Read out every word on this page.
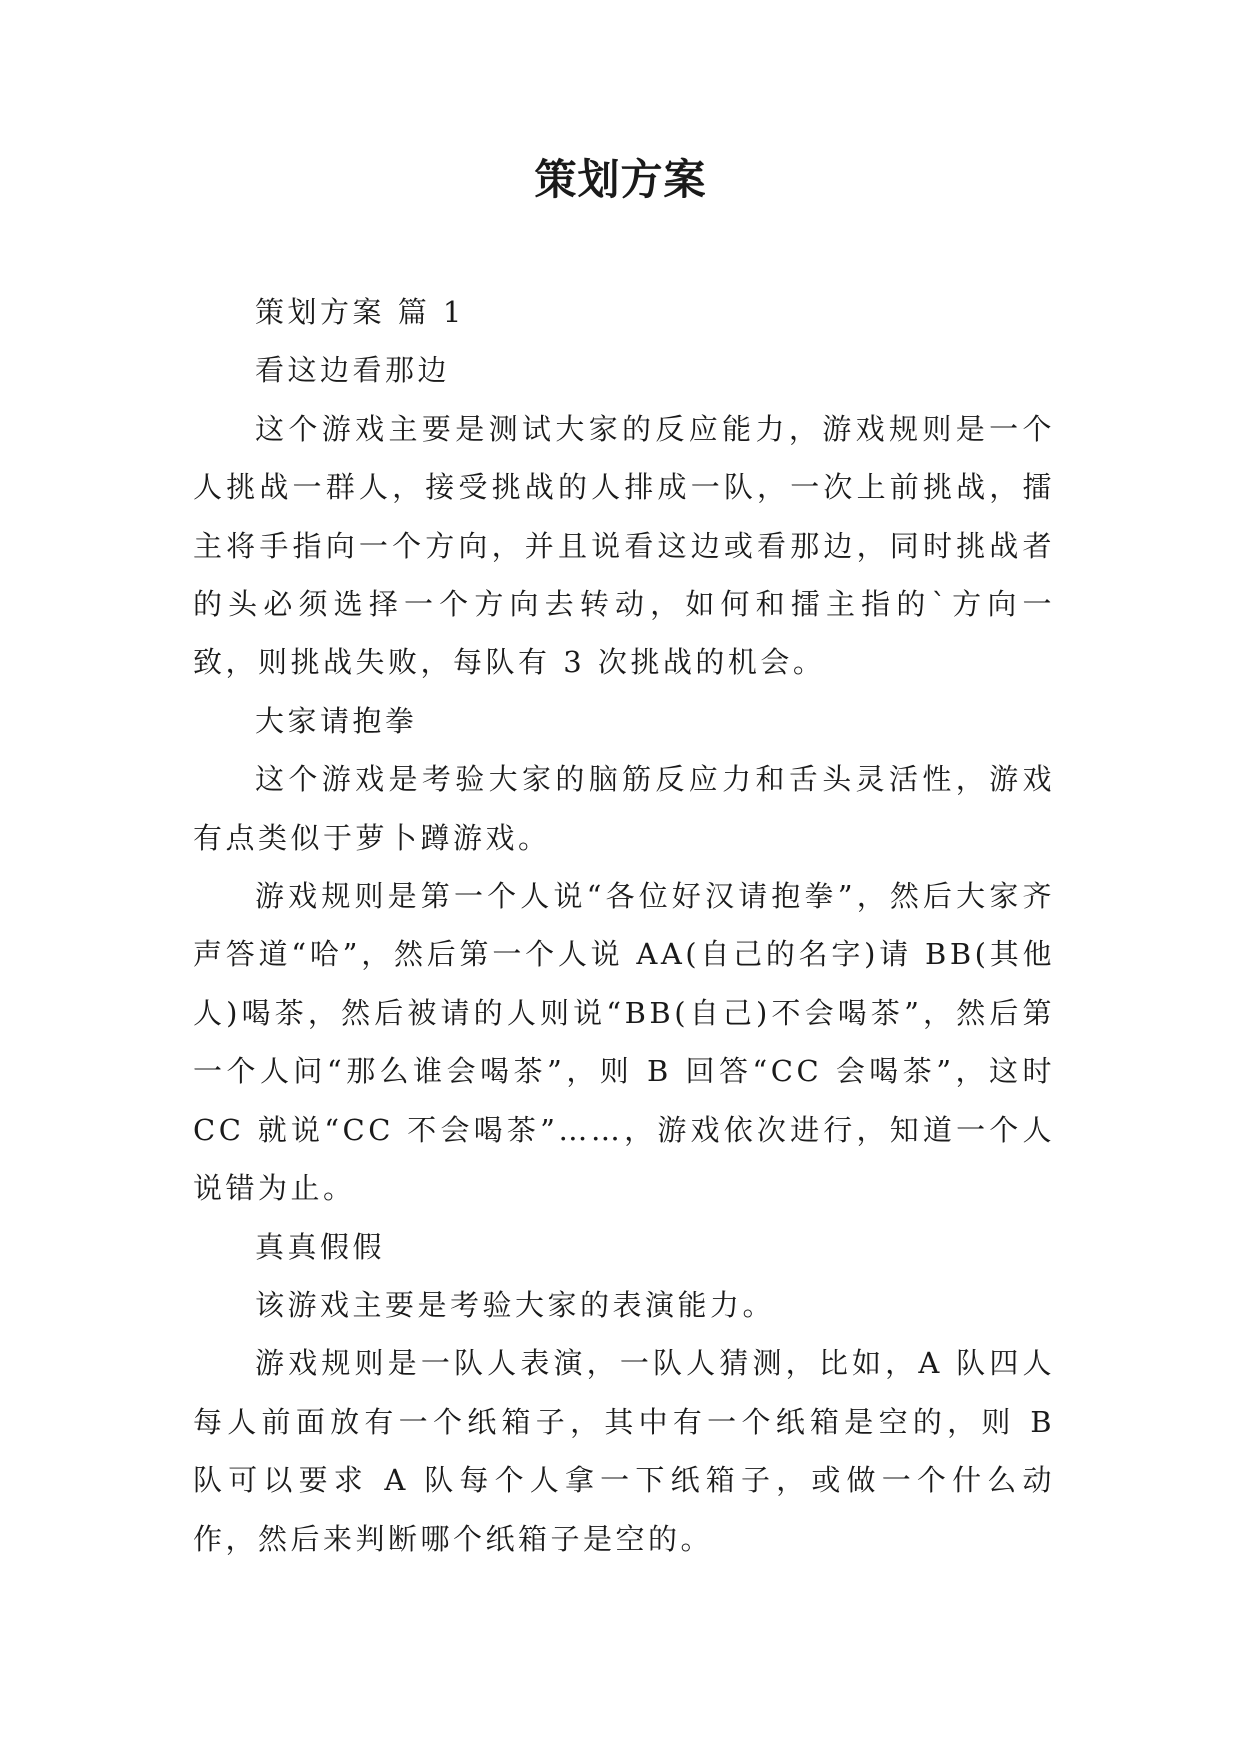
策划方案

策划方案 篇 1

看这边看那边

这个游戏主要是测试大家的反应能力，游戏规则是一个人挑战一群人，接受挑战的人排成一队，一次上前挑战，擂主将手指向一个方向，并且说看这边或看那边，同时挑战者的头必须选择一个方向去转动，如何和擂主指的`方向一致，则挑战失败，每队有 3 次挑战的机会。

大家请抱拳

这个游戏是考验大家的脑筋反应力和舌头灵活性，游戏有点类似于萝卜蹲游戏。

游戏规则是第一个人说“各位好汉请抱拳”，然后大家齐声答道“哈”，然后第一个人说 AA(自己的名字)请 BB(其他人)喝茶，然后被请的人则说“BB(自己)不会喝茶”，然后第一个人问“那么谁会喝茶”，则 B 回答“CC 会喝茶”，这时 CC 就说“CC 不会喝茶”……，游戏依次进行，知道一个人说错为止。

真真假假

该游戏主要是考验大家的表演能力。

游戏规则是一队人表演，一队人猜测，比如，A 队四人每人前面放有一个纸箱子，其中有一个纸箱是空的，则 B 队可以要求 A 队每个人拿一下纸箱子，或做一个什么动作，然后来判断哪个纸箱子是空的。
